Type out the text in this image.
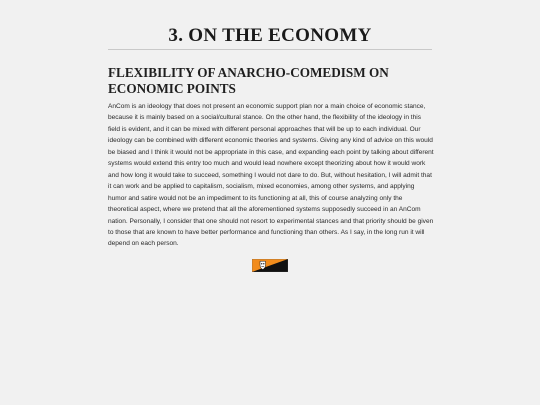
3. ON THE ECONOMY
FLEXIBILITY OF ANARCHO-COMEDISM ON ECONOMIC POINTS

AnCom is an ideology that does not present an economic support plan nor a main choice of economic stance, because it is mainly based on a social/cultural stance. On the other hand, the flexibility of the ideology in this field is evident, and it can be mixed with different personal approaches that will be up to each individual. Our ideology can be combined with different economic theories and systems. Giving any kind of advice on this would be biased and I think it would not be appropriate in this case, and expanding each point by talking about different systems would extend this entry too much and would lead nowhere except theorizing about how it would work and how long it would take to succeed, something I would not dare to do. But, without hesitation, I will admit that it can work and be applied to capitalism, socialism, mixed economies, among other systems, and applying humor and satire would not be an impediment to its functioning at all, this of course analyzing only the theoretical aspect, where we pretend that all the aforementioned systems supposedly succeed in an AnCom nation. Personally, I consider that one should not resort to experimental stances and that priority should be given to those that are known to have better performance and functioning than others. As I say, in the long run it will depend on each person.
